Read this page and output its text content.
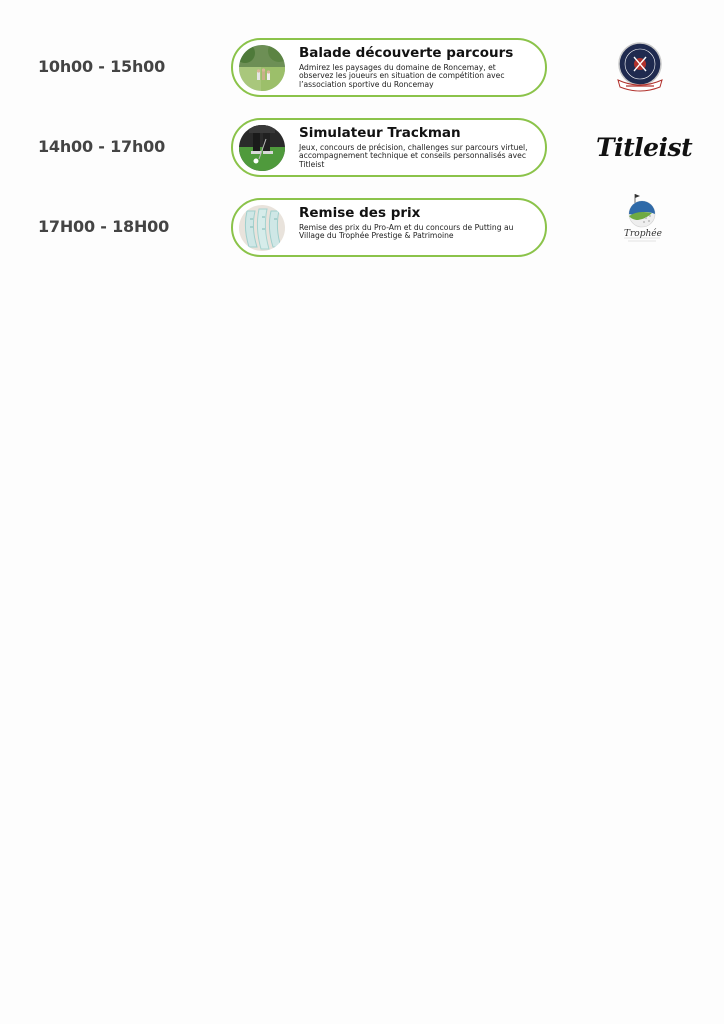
10h00 - 15h00
Balade découverte parcours
Admirez les paysages du domaine de Roncemay, et observez les joueurs en situation de compétition avec l’association sportive du Roncemay
14h00 - 17h00
Simulateur Trackman
Jeux, concours de précision, challenges sur parcours virtuel, accompagnement technique et conseils personnalisés avec Titleist
Titleist
17H00 - 18H00
Remise des prix
Remise des prix du Pro-Am et du concours de Putting au Village du Trophée Prestige & Patrimoine	Trophée
